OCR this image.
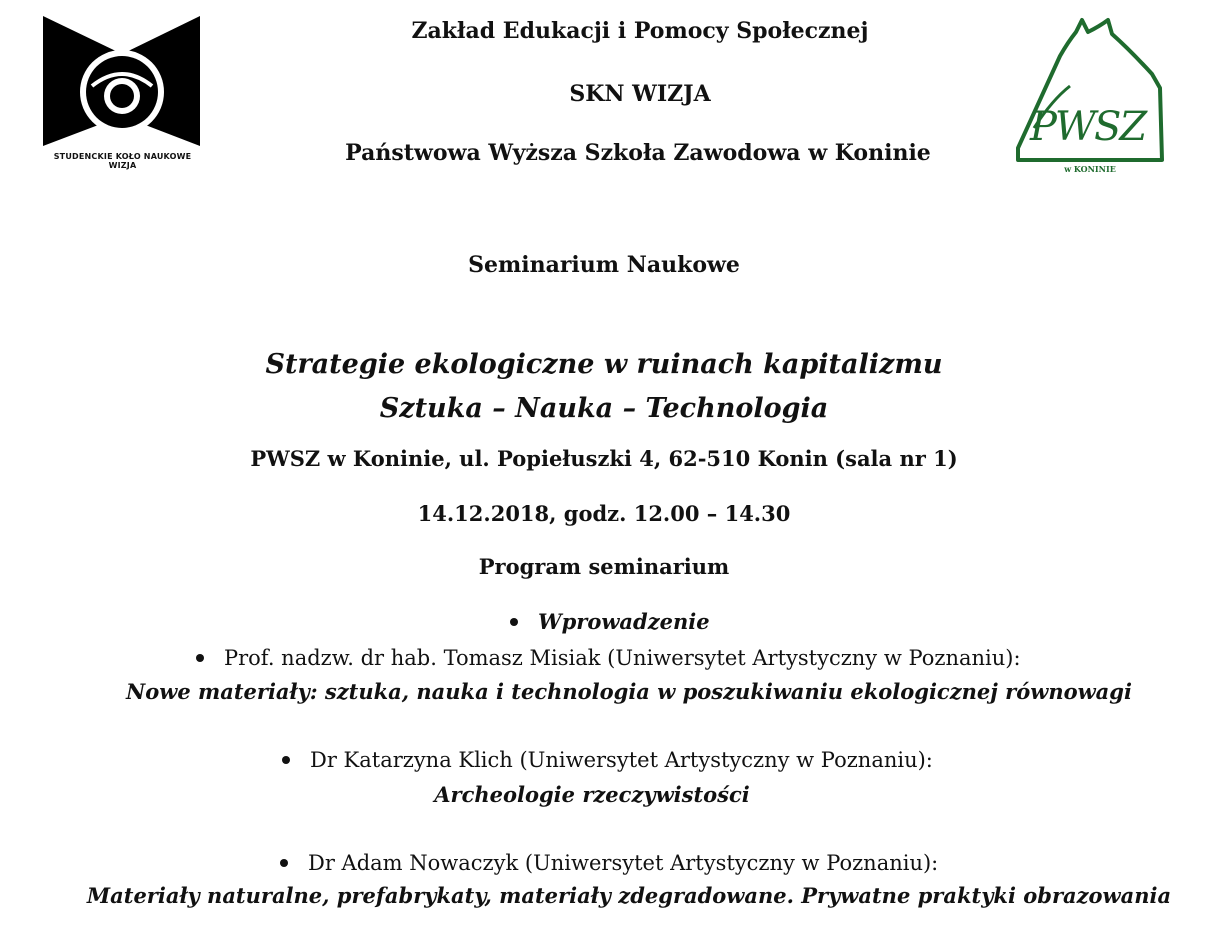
STUDENCKIE KOŁO NAUKOWE WIZJA
PWSZ
w KONINIE
Zakład Edukacji i Pomocy Społecznej
SKN WIZJA
Państwowa Wyższa Szkoła Zawodowa w Koninie
Seminarium Naukowe
Strategie ekologiczne w ruinach kapitalizmu
Sztuka – Nauka – Technologia
PWSZ w Koninie, ul. Popiełuszki 4, 62-510 Konin (sala nr 1)
14.12.2018, godz. 12.00 – 14.30
Program seminarium
Wprowadzenie
Prof. nadzw. dr hab. Tomasz Misiak (Uniwersytet Artystyczny w Poznaniu):
Nowe materiały: sztuka, nauka i technologia w poszukiwaniu ekologicznej równowagi
Dr Katarzyna Klich (Uniwersytet Artystyczny w Poznaniu):
Archeologie rzeczywistości
Dr Adam Nowaczyk (Uniwersytet Artystyczny w Poznaniu):
Materiały naturalne, prefabrykaty, materiały zdegradowane. Prywatne praktyki obrazowania
